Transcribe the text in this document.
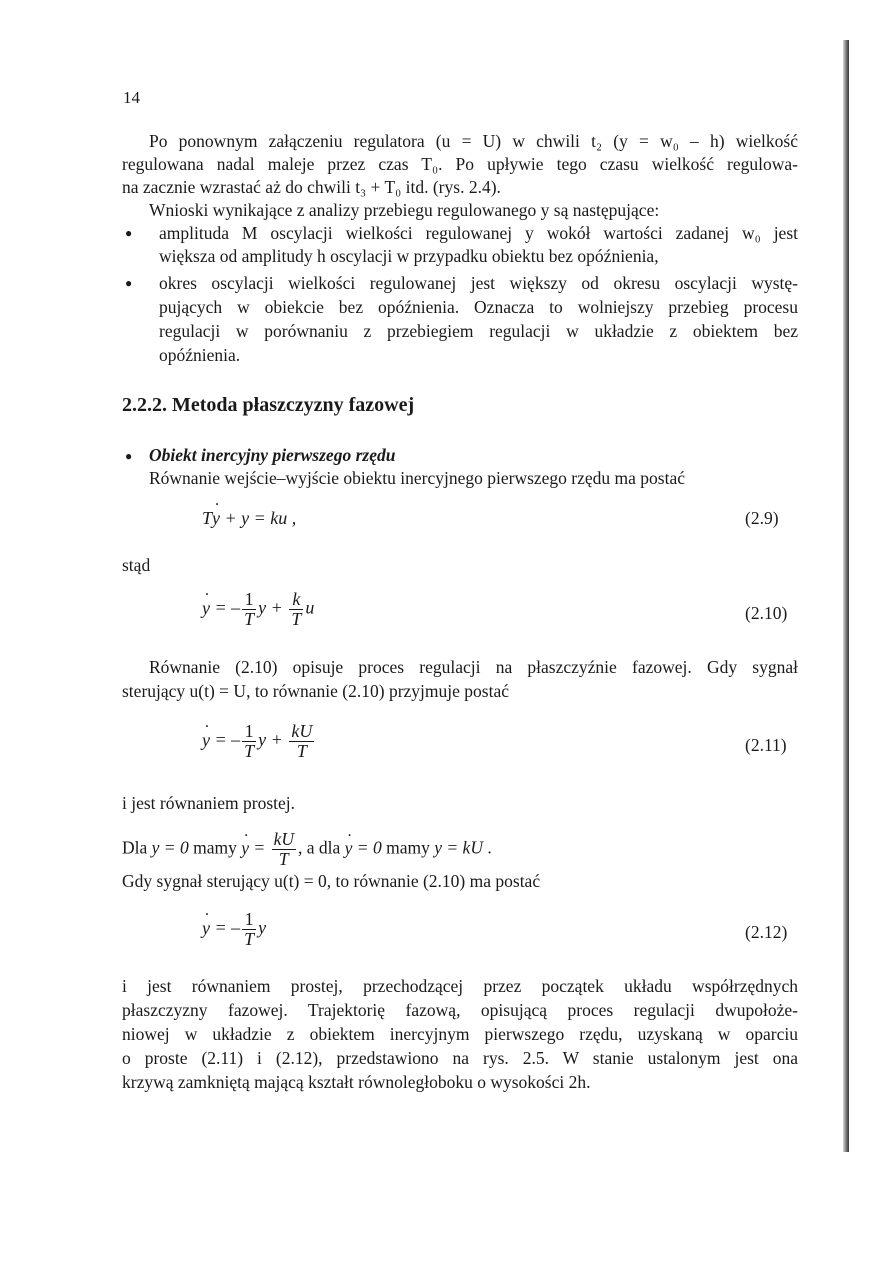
14
Po ponownym załączeniu regulatora (u = U) w chwili t₂ (y = w₀ – h) wielkość
regulowana nadal maleje przez czas T₀. Po upływie tego czasu wielkość regulowa-
na zacznie wzrastać aż do chwili t₃ + T₀ itd. (rys. 2.4).
Wnioski wynikające z analizy przebiegu regulowanego y są następujące:
● amplituda M oscylacji wielkości regulowanej y wokół wartości zadanej w₀ jest
większa od amplitudy h oscylacji w przypadku obiektu bez opóźnienia,
● okres oscylacji wielkości regulowanej jest większy od okresu oscylacji wystę-
pujących w obiekcie bez opóźnienia. Oznacza to wolniejszy przebieg procesu
regulacji w porównaniu z przebiegiem regulacji w układzie z obiektem bez
opóźnienia.
2.2.2. Metoda płaszczyzny fazowej
● Obiekt inercyjny pierwszego rzędu
Równanie wejście–wyjście obiektu inercyjnego pierwszego rzędu ma postać
T˙ y + y = ku ,	(2.9)
stąd
˙ y = – $\frac{1}{T}$ $y + \frac{k}{T}$ u	(2.10)
Równanie (2.10) opisuje proces regulacji na płaszczyźnie fazowej. Gdy sygnał
sterujący u(t) = U, to równanie (2.10) przyjmuje postać
˙ y = – $\frac{1}{T}$ $y + \frac{kU}{T}$	(2.11)
i jest równaniem prostej.
Dla y = 0 mamy ˙ $y = \frac{kU}{T}$ , a dla ˙ y = 0 mamy y = kU .
Gdy sygnał sterujący u(t) = 0, to równanie (2.10) ma postać
˙ y = – $\frac{1}{T}$ y	(2.12)
i jest równaniem prostej, przechodzącej przez początek układu współrzędnych
płaszczyzny fazowej. Trajektorię fazową, opisującą proces regulacji dwupołoże-
niowej w układzie z obiektem inercyjnym pierwszego rzędu, uzyskaną w oparciu
o proste (2.11) i (2.12), przedstawiono na rys. 2.5. W stanie ustalonym jest ona
krzywą zamkniętą mającą kształt równoległoboku o wysokości 2h.
